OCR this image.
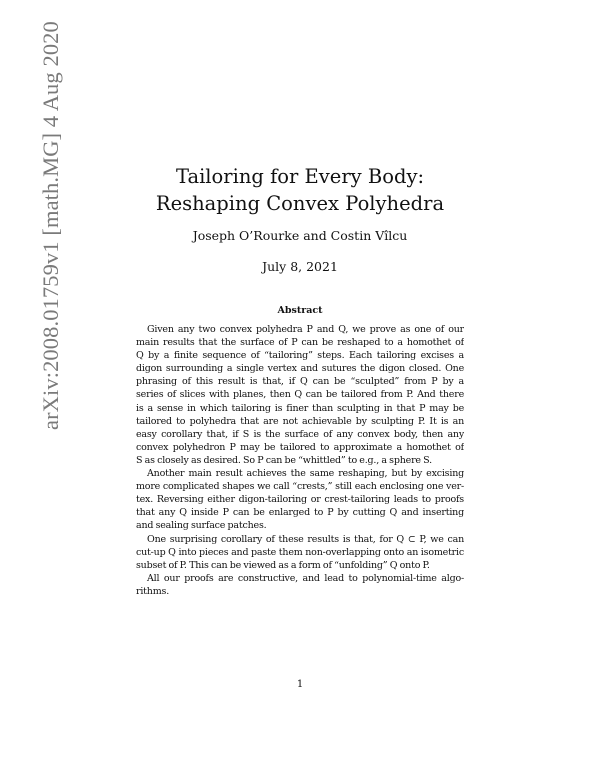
arXiv:2008.01759v1 [math.MG] 4 Aug 2020	Tailoring for Every Body:
Reshaping Convex Polyhedra
Joseph O’Rourke and Costin Vîlcu
July 8, 2021
Abstract
Given any two convex polyhedra P and Q, we prove as one of our
main results that the surface of P can be reshaped to a homothet of
Q by a finite sequence of “tailoring” steps. Each tailoring excises a
digon surrounding a single vertex and sutures the digon closed. One
phrasing of this result is that, if Q can be “sculpted” from P by a
series of slices with planes, then Q can be tailored from P. And there
is a sense in which tailoring is finer than sculpting in that P may be
tailored to polyhedra that are not achievable by sculpting P. It is an
easy corollary that, if S is the surface of any convex body, then any
convex polyhedron P may be tailored to approximate a homothet of
S as closely as desired. So P can be “whittled” to e.g., a sphere S.
Another main result achieves the same reshaping, but by excising
more complicated shapes we call “crests,” still each enclosing one ver-
tex. Reversing either digon-tailoring or crest-tailoring leads to proofs
that any Q inside P can be enlarged to P by cutting Q and inserting
and sealing surface patches.
One surprising corollary of these results is that, for Q ⊂ P, we can
cut-up Q into pieces and paste them non-overlapping onto an isometric
subset of P. This can be viewed as a form of “unfolding” Q onto P.
All our proofs are constructive, and lead to polynomial-time algo-
rithms.
1
